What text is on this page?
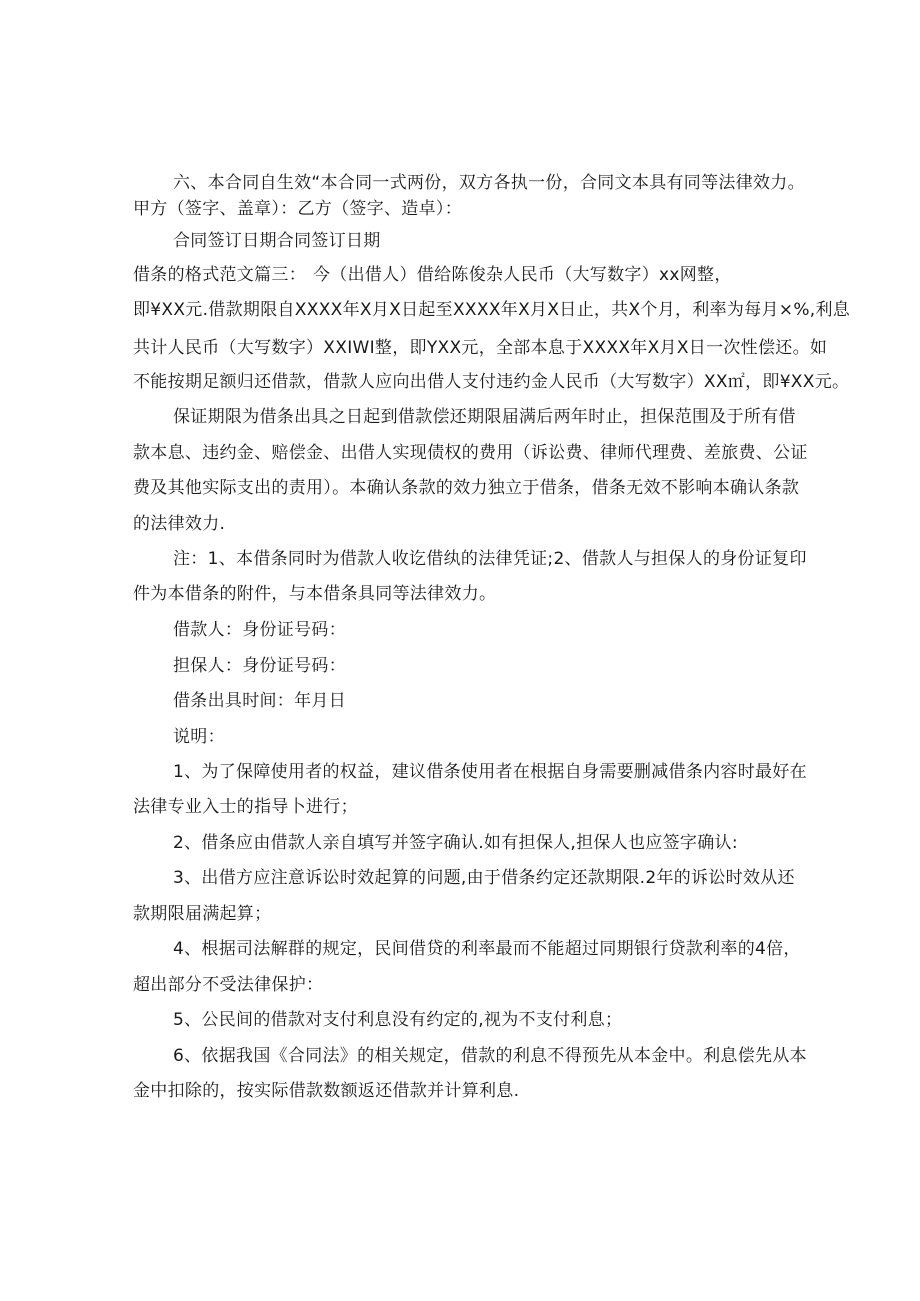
六、本合同自生效“本合同一式两份，双方各执一份，合同文本具有同等法律效力。
甲方（签字、盖章）：乙方（签字、造卓）：
合同签订日期合同签订日期
借条的格式范文篇三： 今（出借人）借给陈俊杂人民币（大写数字）xx网整，
即¥XX元.借款期限自XXXX年X月X日起至XXXX年X月X日止，共X个月，利率为每月×%,利息
共计人民币（大写数字）XXIWI整，即YXX元，全部本息于XXXX年X月X日一次性偿还。如
不能按期足额归还借款，借款人应向出借人支付违约金人民币（大写数字）XX㎡，即¥XX元。
保证期限为借条出具之日起到借款偿还期限届满后两年时止，担保范围及于所有借
款本息、违约金、赔偿金、出借人实现债权的费用（诉讼费、律师代理费、差旅费、公证
费及其他实际支出的责用）。本确认条款的效力独立于借条，借条无效不影响本确认条款
的法律效力.
注：1、本借条同时为借款人收讫借纨的法律凭证;2、借款人与担保人的身份证复印
件为本借条的附件，与本借条具同等法律效力。
借款人：身份证号码：
担保人：身份证号码：
借条出具时间：年月日
说明：
1、为了保障使用者的权益，建议借条使用者在根据自身需要删减借条内容时最好在
法律专业入士的指导卜进行；
2、借条应由借款人亲自填写并签字确认.如有担保人,担保人也应签字确认:
3、出借方应注意诉讼时效起算的问题,由于借条约定还款期限.2年的诉讼时效从还
款期限届满起算；
4、根据司法解群的规定，民间借贷的利率最而不能超过同期银行贷款利率的4倍，
超出部分不受法律保护：
5、公民间的借款对支付利息没有约定的,视为不支付利息；
6、依据我国《合同法》的相关规定，借款的利息不得预先从本金中。利息偿先从本
金中扣除的，按实际借款数额返还借款并计算利息.
